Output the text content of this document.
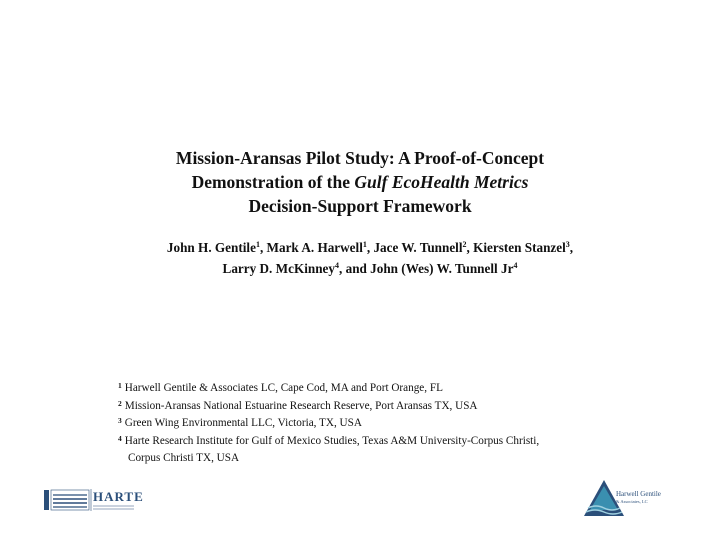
Mission-Aransas Pilot Study: A Proof-of-Concept
Demonstration of the Gulf EcoHealth Metrics
Decision-Support Framework
John H. Gentile$^1$, Mark A. Harwell$^1$, Jace W. Tunnell$^2$, Kiersten Stanzel$^3$,
Larry D. McKinney$^4$, and John (Wes) W. Tunnell Jr$^4$
$^1$ Harwell Gentile & Associates LC, Cape Cod, MA and Port Orange, FL
$^2$ Mission-Aransas National Estuarine Research Reserve, Port Aransas TX, USA
$^3$ Green Wing Environmental LLC, Victoria, TX, USA
$^4$ Harte Research Institute for Gulf of Mexico Studies, Texas A&M University-Corpus Christi,
Corpus Christi TX, USA
HARTE	Harwell Gentile
& Associates, LC
